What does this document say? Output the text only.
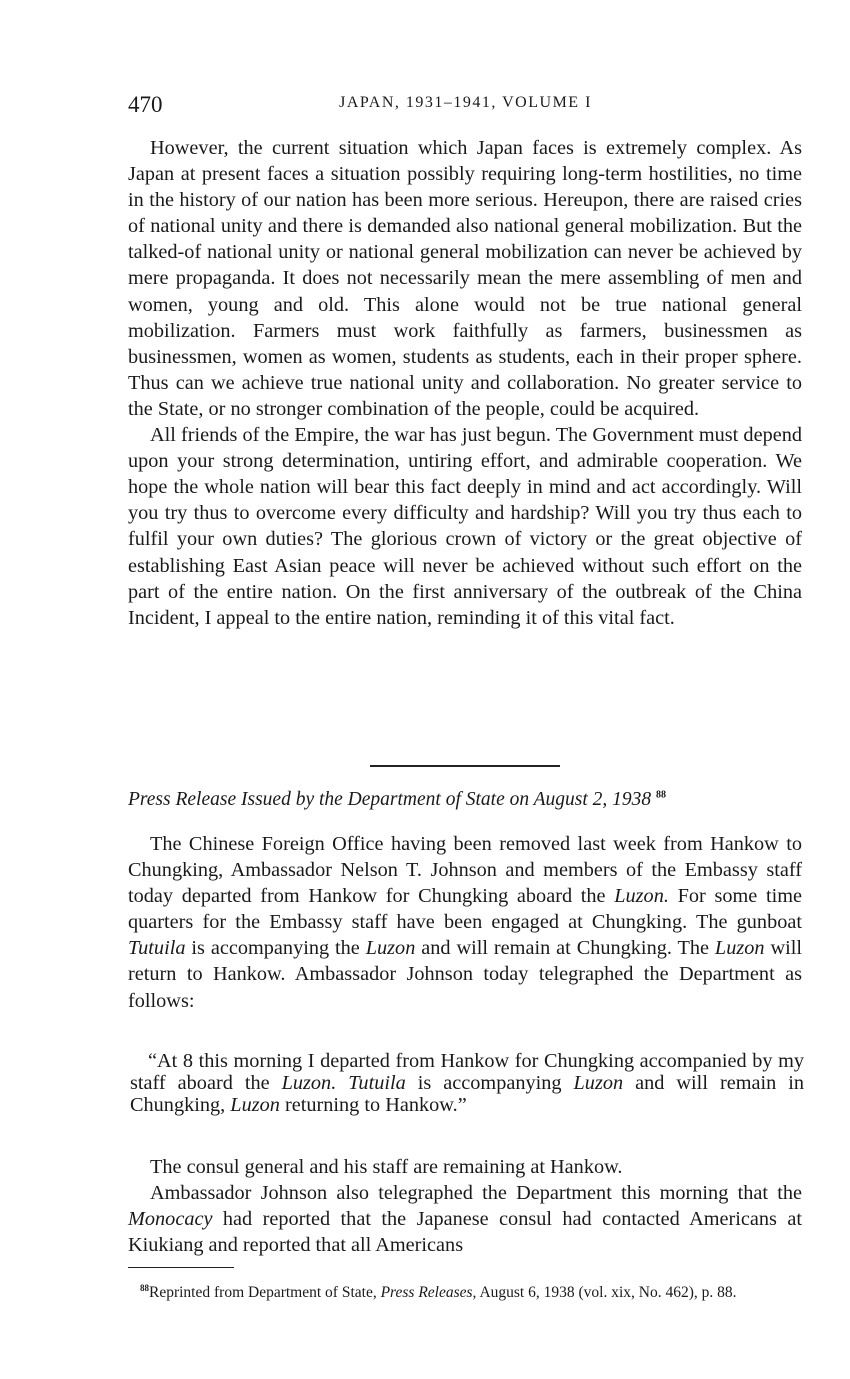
470	JAPAN, 1931–1941, VOLUME I

However, the current situation which Japan faces is extremely complex. As Japan at present faces a situation possibly requiring long-term hostilities, no time in the history of our nation has been more serious. Hereupon, there are raised cries of national unity and there is demanded also national general mobilization. But the talked-of national unity or national general mobilization can never be achieved by mere propaganda. It does not necessarily mean the mere assembling of men and women, young and old. This alone would not be true national general mobilization. Farmers must work faithfully as farmers, businessmen as businessmen, women as women, students as students, each in their proper sphere. Thus can we achieve true national unity and collaboration. No greater service to the State, or no stronger combination of the people, could be acquired.

All friends of the Empire, the war has just begun. The Government must depend upon your strong determination, untiring effort, and admirable cooperation. We hope the whole nation will bear this fact deeply in mind and act accordingly. Will you try thus to overcome every difficulty and hardship? Will you try thus each to fulfil your own duties? The glorious crown of victory or the great objective of establishing East Asian peace will never be achieved without such effort on the part of the entire nation. On the first anniversary of the outbreak of the China Incident, I appeal to the entire nation, reminding it of this vital fact.

Press Release Issued by the Department of State on August 2, 1938 $^{88}$

The Chinese Foreign Office having been removed last week from Hankow to Chungking, Ambassador Nelson T. Johnson and members of the Embassy staff today departed from Hankow for Chungking aboard the Luzon. For some time quarters for the Embassy staff have been engaged at Chungking. The gunboat Tutuila is accompanying the Luzon and will remain at Chungking. The Luzon will return to Hankow. Ambassador Johnson today telegraphed the Department as follows:

“At 8 this morning I departed from Hankow for Chungking accompanied by my staff aboard the Luzon. Tutuila is accompanying Luzon and will remain in Chungking, Luzon returning to Hankow.”

The consul general and his staff are remaining at Hankow.

Ambassador Johnson also telegraphed the Department this morning that the Monocacy had reported that the Japanese consul had contacted Americans at Kiukiang and reported that all Americans

$^{88}$Reprinted from Department of State, Press Releases, August 6, 1938 (vol. xix, No. 462), p. 88.
